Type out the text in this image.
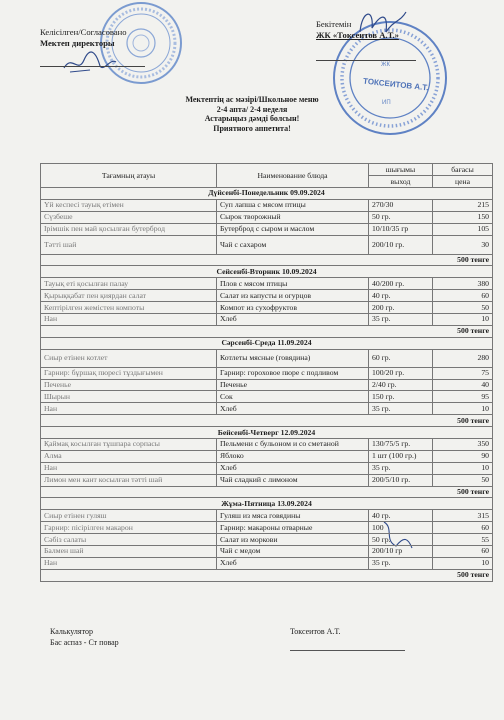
ЖК
ТОКСЕИТОВ А.Т.
ИП
Келісілген/Согласовано
Мектеп директоры
Бекітемін
ЖК «Токсеитов А.Т.»
Мектептің ас мәзірі/Школьное меню
2-4 апта/ 2-4 неделя
Астарыңыз дәмді болсын!
Приятного аппетита!
Тағамның атауы	Наименование блюда	шығымы	бағасы
		выход	цена
Дүйсенбі-Понедельник 09.09.2024			
Үй кеспесі тауық етімен	Суп лапша с мясом птицы	270/30	215
Сүзбеше	Сырок творожный	50 гр.	150
Ірімшік пен май қосылған бутерброд	Бутерброд с сыром и маслом	10/10/35 гр	105
Тәтті шай	Чай с сахаром	200/10 гр.	30
500 тенге			
Сейсенбі-Вторник 10.09.2024			
Тауық еті қосылған палау	Плов с мясом птицы	40/200 гр.	380
Қырыққабат пен қиярдан салат	Салат из капусты и огурцов	40 гр.	60
Кептірілген жемістен компоты	Компот из сухофруктов	200 гр.	50
Нан	Хлеб	35 гр.	10
500 тенге			
Сәрсенбі-Среда 11.09.2024			
Сиыр етінен котлет	Котлеты мясные (говядина)	60 гр.	280
Гарнир: бұршақ пюресі тұздығымен	Гарнир: гороховое пюре с подливом	100/20 гр.	75
Печенье	Печенье	2/40 гр.	40
Шырын	Сок	150 гр.	95
Нан	Хлеб	35 гр.	10
500 тенге			
Бейсенбі-Четверг 12.09.2024			
Қаймақ косылған тұшпара сорпасы	Пельмени с бульоном и со сметаной	130/75/5 гр.	350
Алма	Яблоко	1 шт (100 гр.)	90
Нан	Хлеб	35 гр.	10
Лимон мен кант косылған тәтті шай	Чай сладкий с лимоном	200/5/10 гр.	50
500 тенге			
Жұма-Пятница 13.09.2024			
Сиыр етінен гуляш	Гуляш из мяса говядины	40 гр.	315
Гарнир: пісірілген макарон	Гарнир: макароны отварные	100	60
Сәбіз салаты	Салат из моркови	50 гр.	55
Балмен шай	Чай с медом	200/10 гр	60
Нан	Хлеб	35 гр.	10
500 тенге			
Калькулятор
Бас аспаз - Ст повар
Токсеитов А.Т.
